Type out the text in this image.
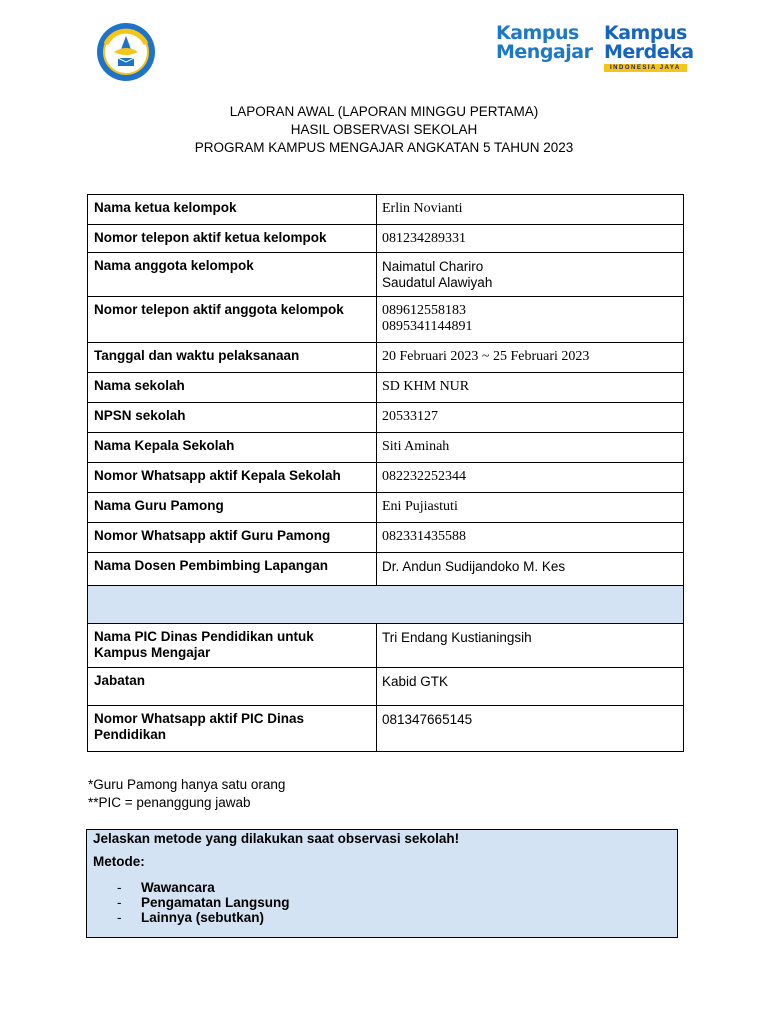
Kampus
Mengajar
Kampus
Merdeka
INDONESIA JAYA
LAPORAN AWAL (LAPORAN MINGGU PERTAMA)
HASIL OBSERVASI SEKOLAH
PROGRAM KAMPUS MENGAJAR ANGKATAN 5 TAHUN 2023
Nama ketua kelompok	Erlin Novianti
Nomor telepon aktif ketua kelompok	081234289331
Nama anggota kelompok	Naimatul Chariro
Saudatul Alawiyah

Nomor telepon aktif anggota kelompok	089612558183
0895341144891

Tanggal dan waktu pelaksanaan	20 Februari 2023 ~ 25 Februari 2023
Nama sekolah	SD KHM NUR
NPSN sekolah	20533127
Nama Kepala Sekolah	Siti Aminah
Nomor Whatsapp aktif Kepala Sekolah	082232252344
Nama Guru Pamong	Eni Pujiastuti
Nomor Whatsapp aktif Guru Pamong	082331435588
Nama Dosen Pembimbing Lapangan	Dr. Andun Sudijandoko M. Kes

Nama PIC Dinas Pendidikan untuk Kampus Mengajar	Tri Endang Kustianingsih
Jabatan	Kabid GTK
Nomor Whatsapp aktif PIC Dinas Pendidikan	081347665145
*Guru Pamong hanya satu orang
**PIC = penanggung jawab
Jelaskan metode yang dilakukan saat observasi sekolah!
Metode:
- Wawancara
- Pengamatan Langsung
- Lainnya (sebutkan)
